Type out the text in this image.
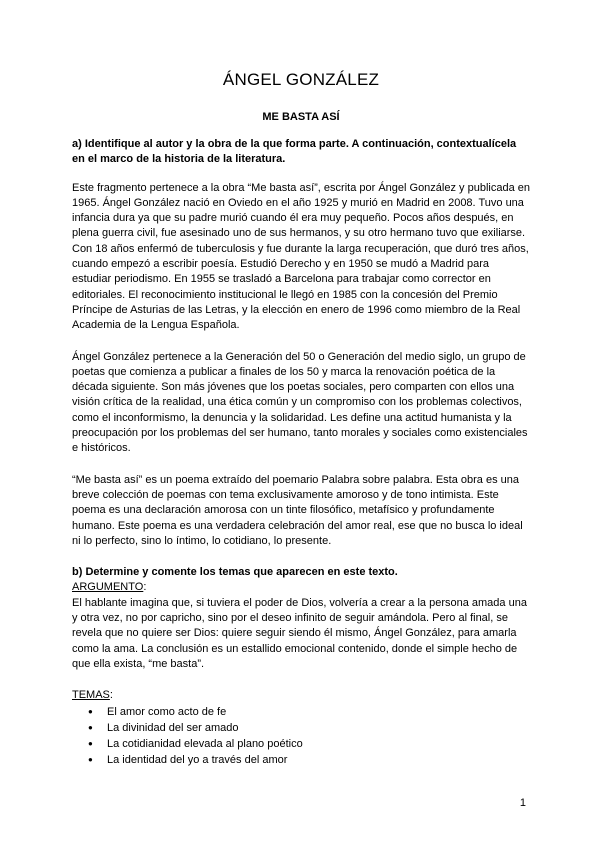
ÁNGEL GONZÁLEZ
ME BASTA ASÍ
a) Identifique al autor y la obra de la que forma parte. A continuación, contextualícela en el marco de la historia de la literatura.

Este fragmento pertenece a la obra “Me basta así”, escrita por Ángel González y publicada en 1965. Ángel González nació en Oviedo en el año 1925 y murió en Madrid en 2008. Tuvo una infancia dura ya que su padre murió cuando él era muy pequeño. Pocos años después, en plena guerra civil, fue asesinado uno de sus hermanos, y su otro hermano tuvo que exiliarse. Con 18 años enfermó de tuberculosis y fue durante la larga recuperación, que duró tres años, cuando empezó a escribir poesía. Estudió Derecho y en 1950 se mudó a Madrid para estudiar periodismo. En 1955 se trasladó a Barcelona para trabajar como corrector en editoriales. El reconocimiento institucional le llegó en 1985 con la concesión del Premio Príncipe de Asturias de las Letras, y la elección en enero de 1996 como miembro de la Real Academia de la Lengua Española.

Ángel González pertenece a la Generación del 50 o Generación del medio siglo, un grupo de poetas que comienza a publicar a finales de los 50 y marca la renovación poética de la década siguiente. Son más jóvenes que los poetas sociales, pero comparten con ellos una visión crítica de la realidad, una ética común y un compromiso con los problemas colectivos, como el inconformismo, la denuncia y la solidaridad. Les define una actitud humanista y la preocupación por los problemas del ser humano, tanto morales y sociales como existenciales e históricos.

“Me basta así” es un poema extraído del poemario Palabra sobre palabra. Esta obra es una breve colección de poemas con tema exclusivamente amoroso y de tono intimista. Este poema es una declaración amorosa con un tinte filosófico, metafísico y profundamente humano. Este poema es una verdadera celebración del amor real, ese que no busca lo ideal ni lo perfecto, sino lo íntimo, lo cotidiano, lo presente.

b) Determine y comente los temas que aparecen en este texto.
ARGUMENTO:

El hablante imagina que, si tuviera el poder de Dios, volvería a crear a la persona amada una y otra vez, no por capricho, sino por el deseo infinito de seguir amándola. Pero al final, se revela que no quiere ser Dios: quiere seguir siendo él mismo, Ángel González, para amarla como la ama. La conclusión es un estallido emocional contenido, donde el simple hecho de que ella exista, “me basta”.

TEMAS:
● El amor como acto de fe
● La divinidad del ser amado
● La cotidianidad elevada al plano poético
● La identidad del yo a través del amor
1
